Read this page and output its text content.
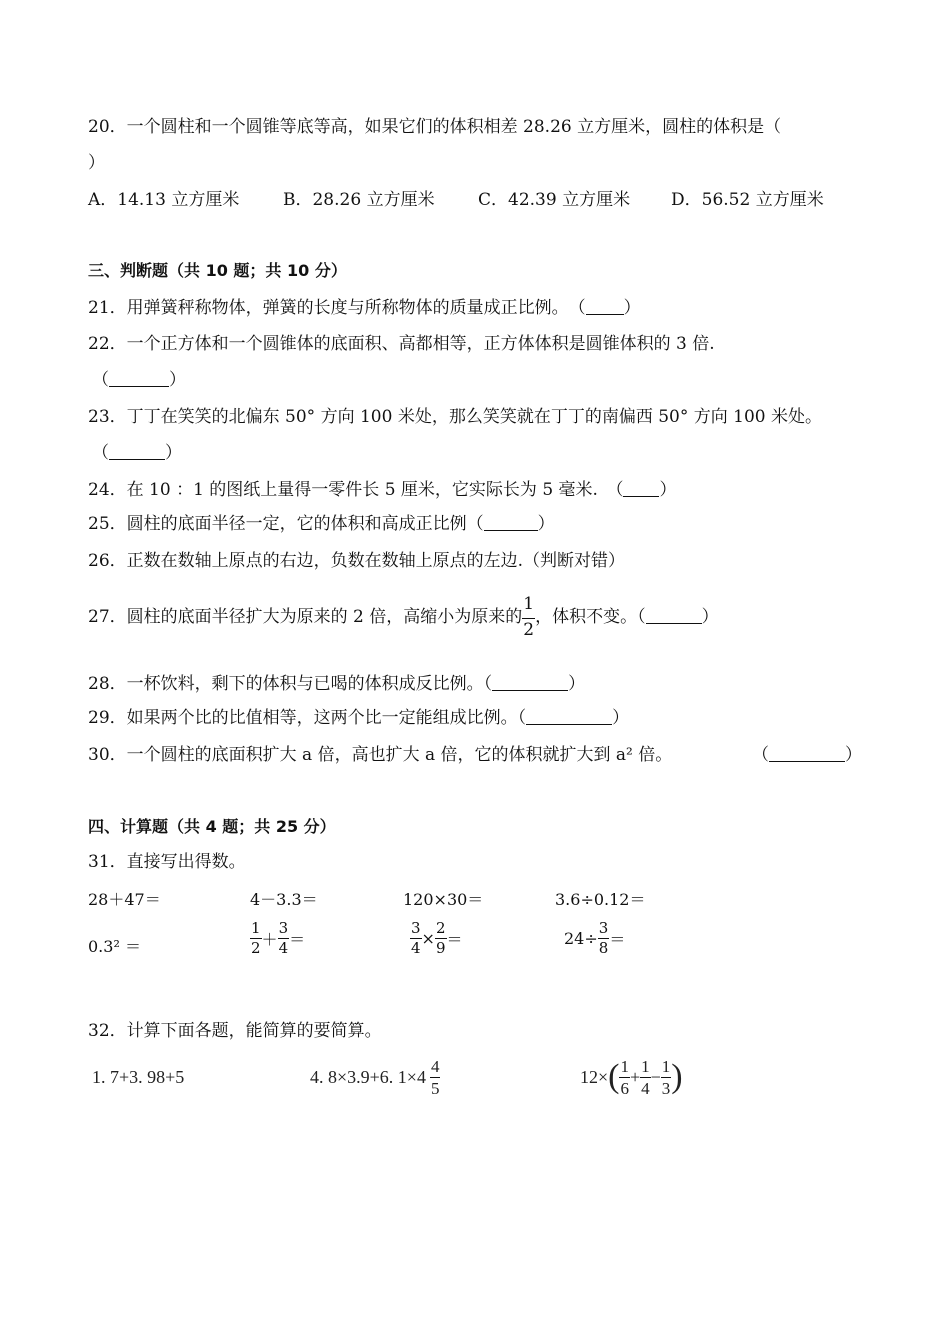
20．一个圆柱和一个圆锥等底等高，如果它们的体积相差 28.26 立方厘米，圆柱的体积是（
）
A．14.13 立方厘米	B．28.26 立方厘米	C．42.39 立方厘米 D．56.52 立方厘米
三、判断题（共 10 题；共 10 分）
21．用弹簧秤称物体，弹簧的长度与所称物体的质量成正比例。　（ ）
22．一个正方体和一个圆锥体的底面积、高都相等，正方体体积是圆锥体积的 3 倍.
（	）
23．丁丁在笑笑的北偏东 50° 方向 100 米处，那么笑笑就在丁丁的南偏西 50° 方向 100 米处。
（	）
24．在 10 ：1 的图纸上量得一零件长 5 厘米，它实际长为 5 毫米.　（ ）
25．圆柱的底面半径一定，它的体积和高成正比例（	）
26．正数在数轴上原点的右边，负数在数轴上原点的左边.（判断对错）
27．圆柱的底面半径扩大为原来的 2 倍，高缩小为原来的 $\frac{1}{2}$ ，体积不变。（	）
28．一杯饮料，剩下的体积与已喝的体积成反比例。（	）
29．如果两个比的比值相等，这两个比一定能组成比例。（	）
30．一个圆柱的底面积扩大 a 倍，高也扩大 a 倍，它的体积就扩大到 a² 倍。	（	）
四、计算题（共 4 题；共 25 分）
31．直接写出得数。
28＋47＝	4－3.3＝	120×30＝	3.6÷0.12＝
0.3² ＝	$\frac{1}{2} + \frac{3}{4}$ ＝	$\frac{3}{4} \times \frac{2}{9}$ ＝	$24\div \frac{3}{8}$ ＝
32．计算下面各题，能简算的要简算。
1. 7+3. 98+5	4. 8×3.9+6. $1\times 4 \frac{4}{5}$	12× ( $\frac{1}{6} + \frac{1}{4} - \frac{1}{3}$ )
